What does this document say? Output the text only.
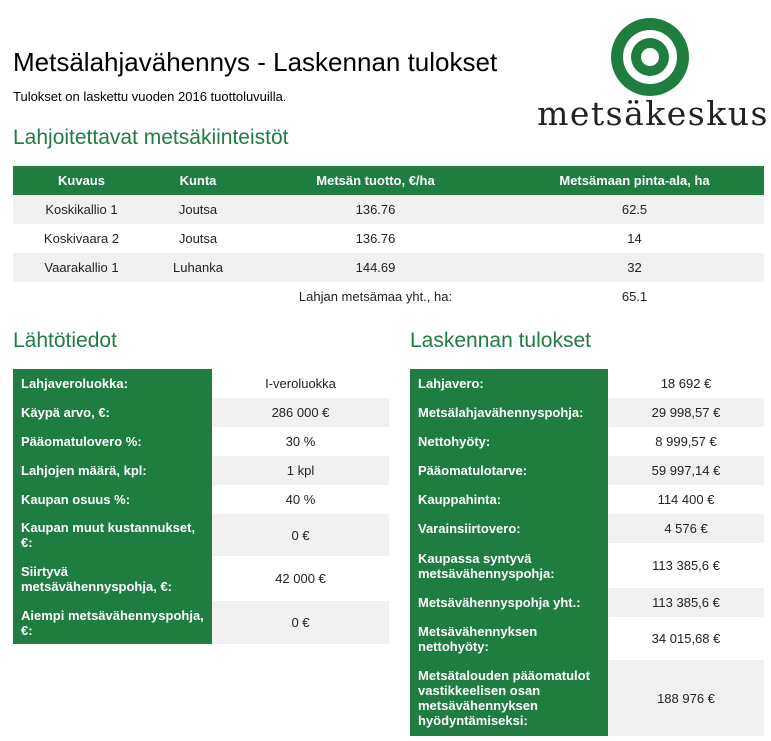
Metsälahjavähennys - Laskennan tulokset
Tulokset on laskettu vuoden 2016 tuottoluvuilla.	metsäkeskus
Lahjoitettavat metsäkiinteistöt
Kuvaus	Kunta	Metsän tuotto, €/ha	Metsämaan pinta-ala, ha
Koskikallio 1	Joutsa	136.76	62.5
Koskivaara 2	Joutsa	136.76	14
Vaarakallio 1	Luhanka	144.69	32
		Lahjan metsämaa yht., ha:	65.1
Lähtötiedot	Laskennan tulokset
Lahjaveroluokka:	I-veroluokka
Käypä arvo, €:	286 000 €
Pääomatulovero %:	30 %
Lahjojen määrä, kpl:	1 kpl
Kaupan osuus %:	40 %
Kaupan muut kustannukset, €:	0 €
Siirtyvä metsävähennyspohja, €:	42 000 €
Aiempi metsävähennyspohja, €:	0 €
Lahjavero:	18 692 €
Metsälahjavähennyspohja:	29 998,57 €
Nettohyöty:	8 999,57 €
Pääomatulotarve:	59 997,14 €
Kauppahinta:	114 400 €
Varainsiirtovero:	4 576 €
Kaupassa syntyvä metsävähennyspohja:	113 385,6 €
Metsävähennyspohja yht.:	113 385,6 €
Metsävähennyksen nettohyöty:	34 015,68 €
Metsätalouden pääomatulot vastikkeelisen osan metsävähennyksen hyödyntämiseksi:	188 976 €
